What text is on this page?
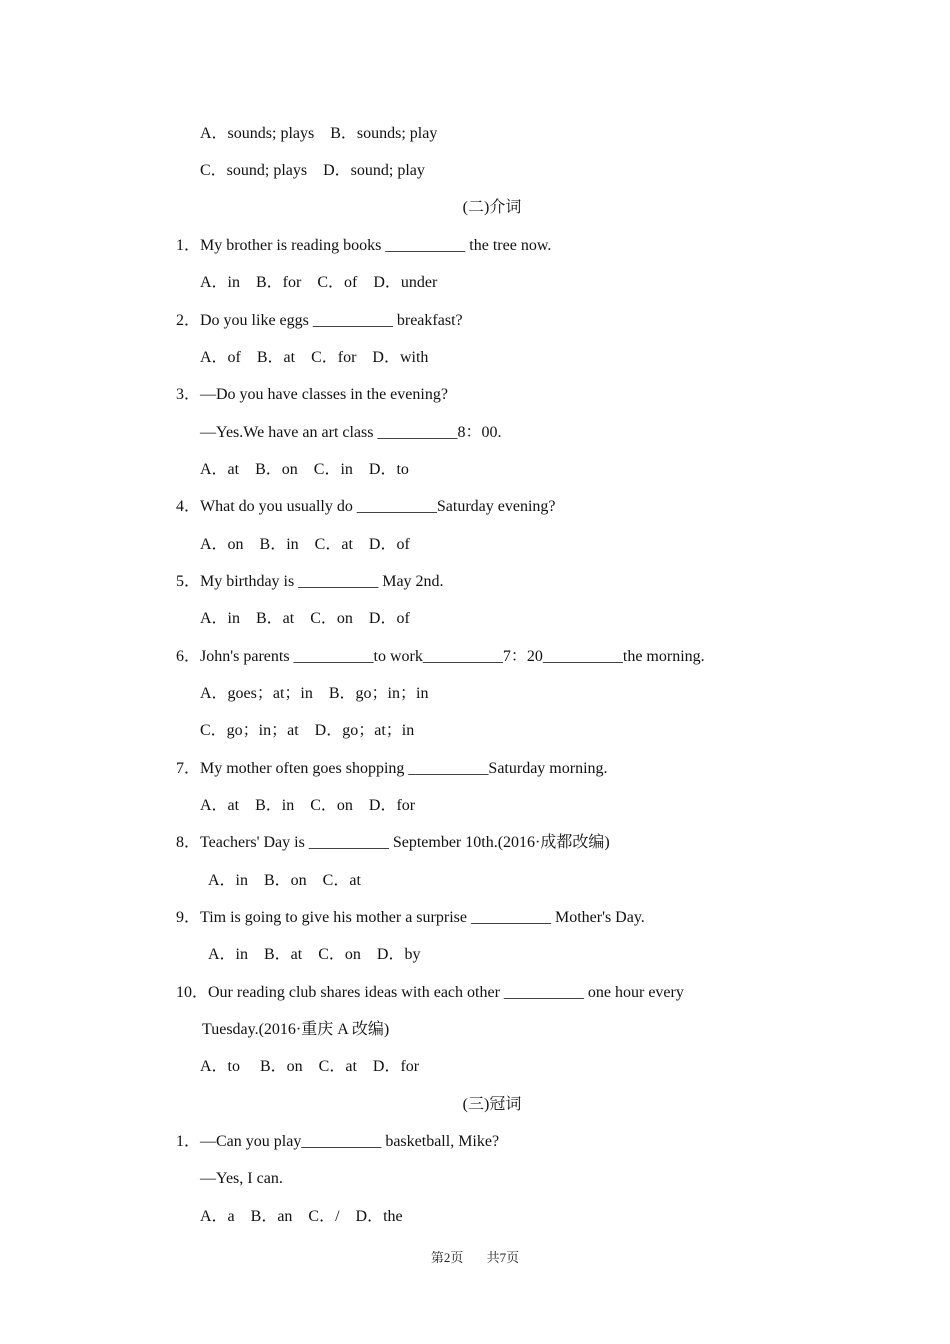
A．sounds; plays　B．sounds; play
C．sound; plays　D．sound; play
(二)介词
1．My brother is reading books __________ the tree now.
A．in　B．for　C．of　D．under
2．Do you like eggs __________ breakfast?
A．of　B．at　C．for　D．with
3．—Do you have classes in the evening?
—Yes.We have an art class __________8：00.
A．at　B．on　C．in　D．to
4．What do you usually do __________Saturday evening?
A．on　B．in　C．at　D．of
5．My birthday is __________ May 2nd.
A．in　B．at　C．on　D．of
6．John's parents __________to work__________7：20__________the morning.
A．goes；at；in　B．go；in；in
C．go；in；at　D．go；at；in
7．My mother often goes shopping __________Saturday morning.
A．at　B．in　C．on　D．for
8．Teachers' Day is __________ September 10th.(2016·成都改编)
A．in　B．on　C．at
9．Tim is going to give his mother a surprise __________ Mother's Day.
A．in　B．at　C．on　D．by
10．Our reading club shares ideas with each other __________ one hour every
Tuesday.(2016·重庆 A 改编)
A．to　 B．on　C．at　D．for
(三)冠词
1．—Can you play__________ basketball, Mike?
—Yes, I can.
A．a　B．an　C．/　D．the
第2页 共7页
